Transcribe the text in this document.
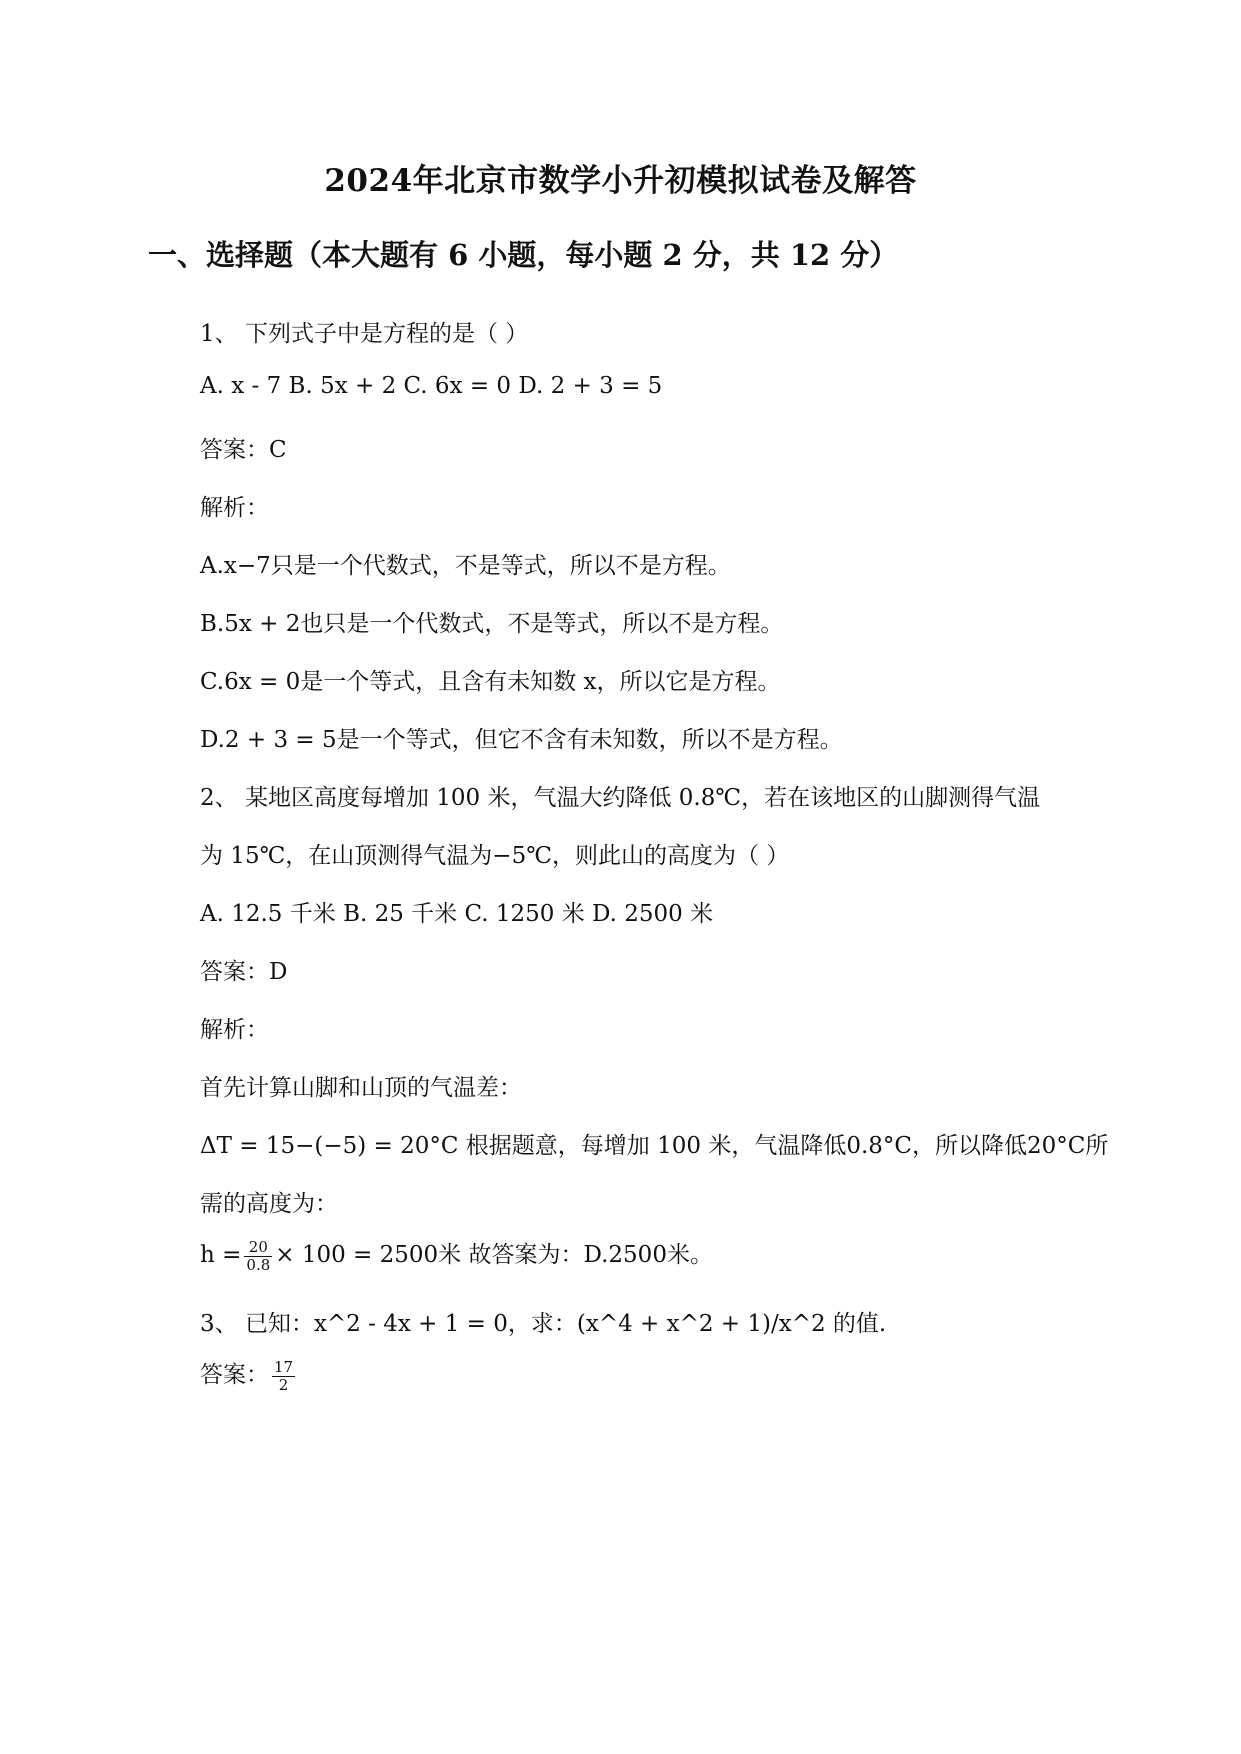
2024年北京市数学小升初模拟试卷及解答
一、选择题（本大题有 6 小题，每小题 2 分，共 12 分）
1、 下列式子中是方程的是（ ）
A. x - 7 B. 5x + 2 C. 6x = 0 D. 2 + 3 = 5
答案：C
解析：
A.x−7只是一个代数式，不是等式，所以不是方程。
B.5x + 2也只是一个代数式，不是等式，所以不是方程。
C.6x = 0是一个等式，且含有未知数 x，所以它是方程。
D.2 + 3 = 5是一个等式，但它不含有未知数，所以不是方程。
2、 某地区高度每增加 100 米，气温大约降低 0.8℃，若在该地区的山脚测得气温
为 15℃，在山顶测得气温为−5℃，则此山的高度为（ ）
A. 12.5 千米 B. 25 千米 C. 1250 米 D. 2500 米
答案：D
解析：
首先计算山脚和山顶的气温差：
ΔT = 15−(−5) = 20°C 根据题意，每增加 100 米，气温降低0.8°C，所以降低20°C所
需的高度为：
$h = \frac{20}{0.8} \times 100 = 2500$米 故答案为：D.2500米。
3、 已知：x^2 - 4x + 1 = 0，求：(x^4 + x^2 + 1)/x^2 的值.
答案： $\frac{17}{2}$
